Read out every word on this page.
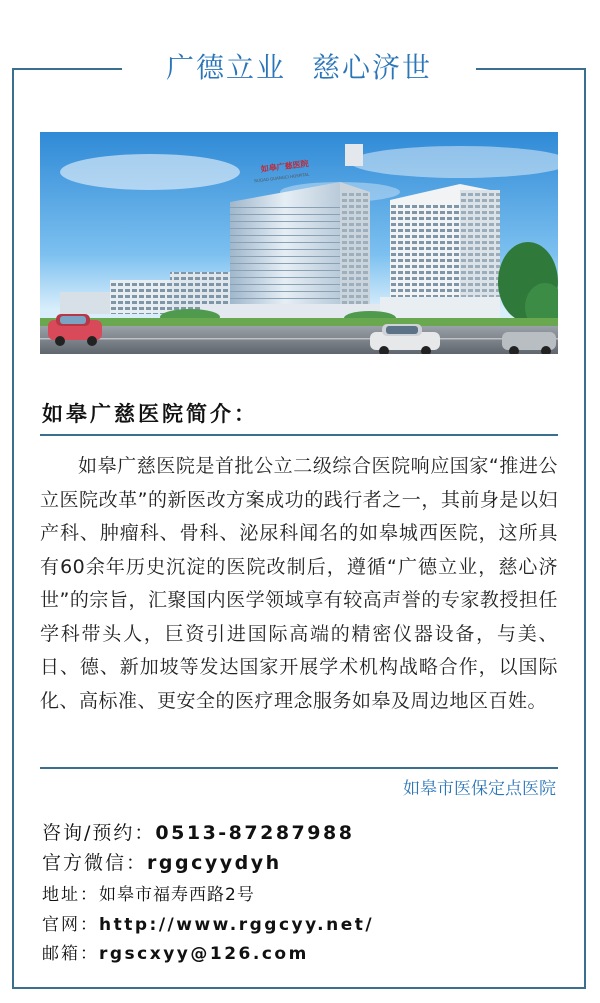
广德立业 慈心济世
如皋广慈医院
RUGAO GUANGCI HOSPITAL
如皋广慈医院简介：
如皋广慈医院是首批公立二级综合医院响应国家“推进公立医院改革”的新医改方案成功的践行者之一，其前身是以妇产科、肿瘤科、骨科、泌尿科闻名的如皋城西医院，这所具有60余年历史沉淀的医院改制后，遵循“广德立业，慈心济世”的宗旨，汇聚国内医学领域享有较高声誉的专家教授担任学科带头人，巨资引进国际高端的精密仪器设备，与美、日、德、新加坡等发达国家开展学术机构战略合作，以国际化、高标准、更安全的医疗理念服务如皋及周边地区百姓。
如皋市医保定点医院
咨询/预约：0513-87287988
官方微信：rggcyydyh
地址：如皋市福寿西路2号
官网：http://www.rggcyy.net/
邮箱：rgscxyy@126.com
